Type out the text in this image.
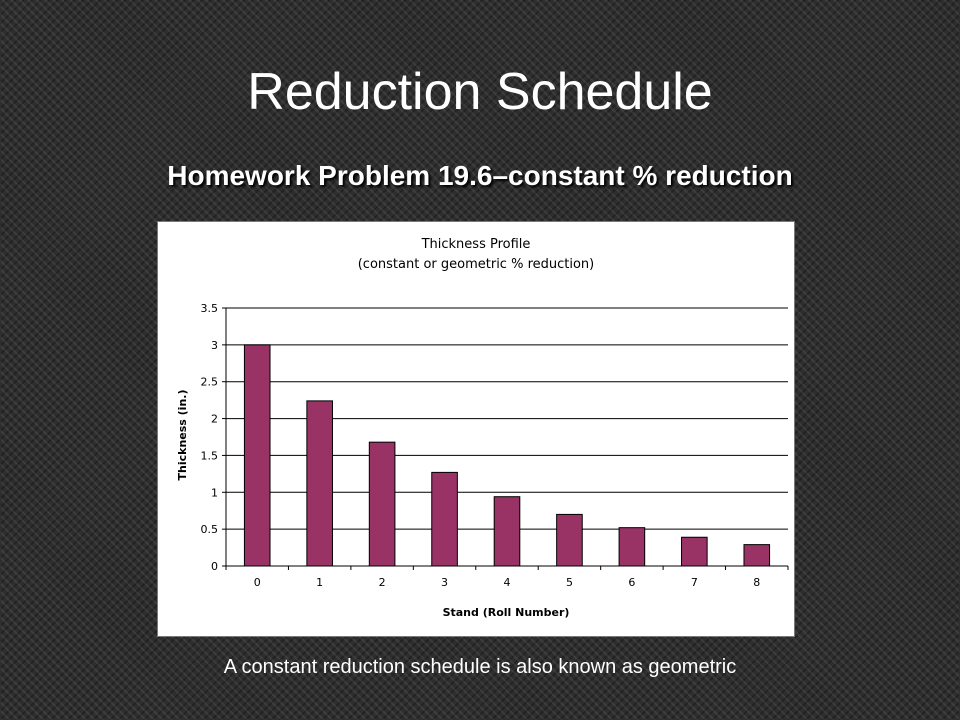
Reduction Schedule
Homework Problem 19.6–constant % reduction
Thickness Profile
(constant or geometric % reduction)
Thickness (in.)
Stand (Roll Number)
0
0.5
1
1.5
2
2.5
3
3.5
0	1	2	3	4	5	6	7	8
A constant reduction schedule is also known as geometric
